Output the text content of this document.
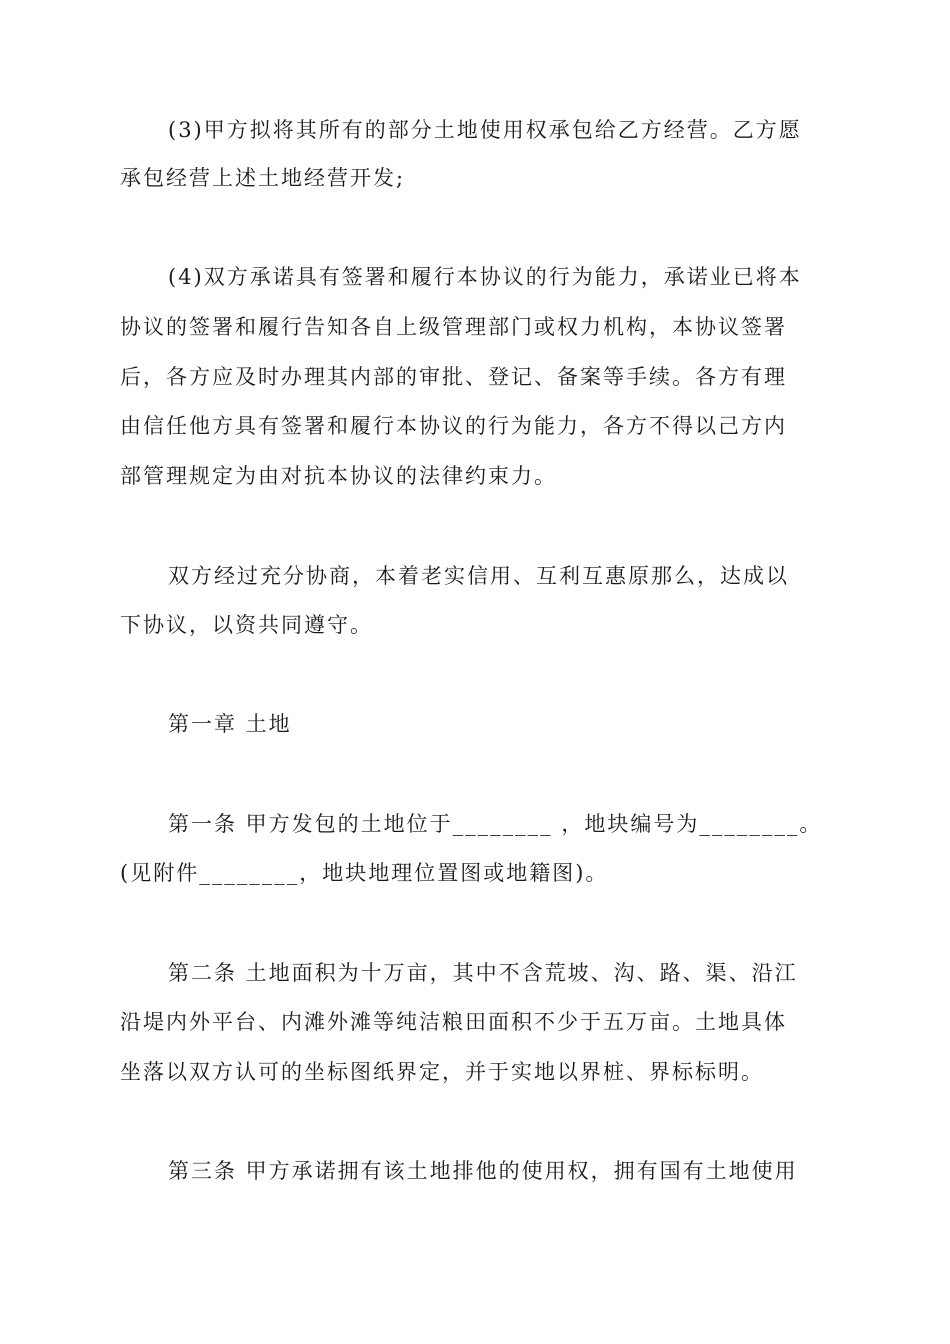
(3)甲方拟将其所有的部分土地使用权承包给乙方经营。乙方愿
承包经营上述土地经营开发;
(4)双方承诺具有签署和履行本协议的行为能力，承诺业已将本
协议的签署和履行告知各自上级管理部门或权力机构，本协议签署
后，各方应及时办理其内部的审批、登记、备案等手续。各方有理
由信任他方具有签署和履行本协议的行为能力，各方不得以己方内
部管理规定为由对抗本协议的法律约束力。
双方经过充分协商，本着老实信用、互利互惠原那么，达成以
下协议，以资共同遵守。
第一章 土地
第一条 甲方发包的土地位于________ ，地块编号为________。
(见附件________，地块地理位置图或地籍图)。
第二条 土地面积为十万亩，其中不含荒坡、沟、路、渠、沿江
沿堤内外平台、内滩外滩等纯洁粮田面积不少于五万亩。土地具体
坐落以双方认可的坐标图纸界定，并于实地以界桩、界标标明。
第三条 甲方承诺拥有该土地排他的使用权，拥有国有土地使用
